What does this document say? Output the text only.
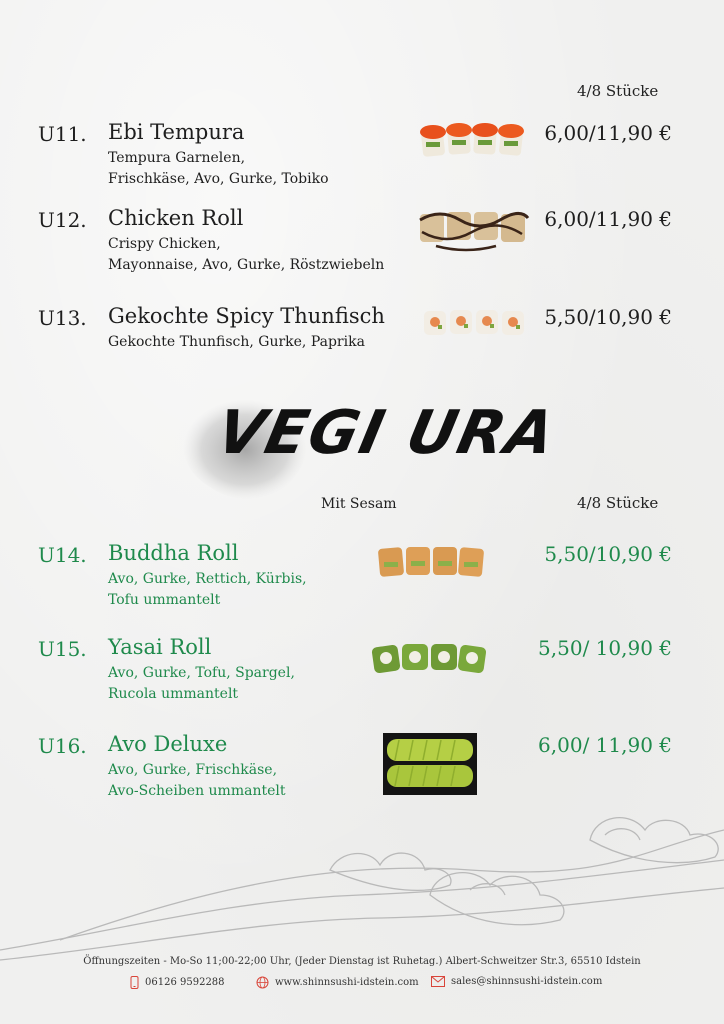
4/8 Stücke
U11. Ebi Tempura
Tempura Garnelen,
Frischkäse, Avo, Gurke, Tobiko
6,00/11,90 €
U12. Chicken Roll
Crispy Chicken,
Mayonnaise, Avo, Gurke, Röstzwiebeln
6,00/11,90 €
U13. Gekochte Spicy Thunfisch
Gekochte Thunfisch, Gurke, Paprika
5,50/10,90 €
VEGI URA
Mit Sesam	4/8 Stücke
U14. Buddha Roll
Avo, Gurke, Rettich, Kürbis,
Tofu ummantelt
5,50/10,90 €
U15. Yasai Roll
Avo, Gurke, Tofu, Spargel,
Rucola ummantelt
5,50/ 10,90 €
U16. Avo Deluxe
Avo, Gurke, Frischkäse,
Avo-Scheiben ummantelt
6,00/ 11,90 €
Öffnungszeiten - Mo-So 11;00-22;00 Uhr, (Jeder Dienstag ist Ruhetag.) Albert-Schweitzer Str.3, 65510 Idstein
06126 9592288	www.shinnsushi-idstein.com	sales@shinnsushi-idstein.com
